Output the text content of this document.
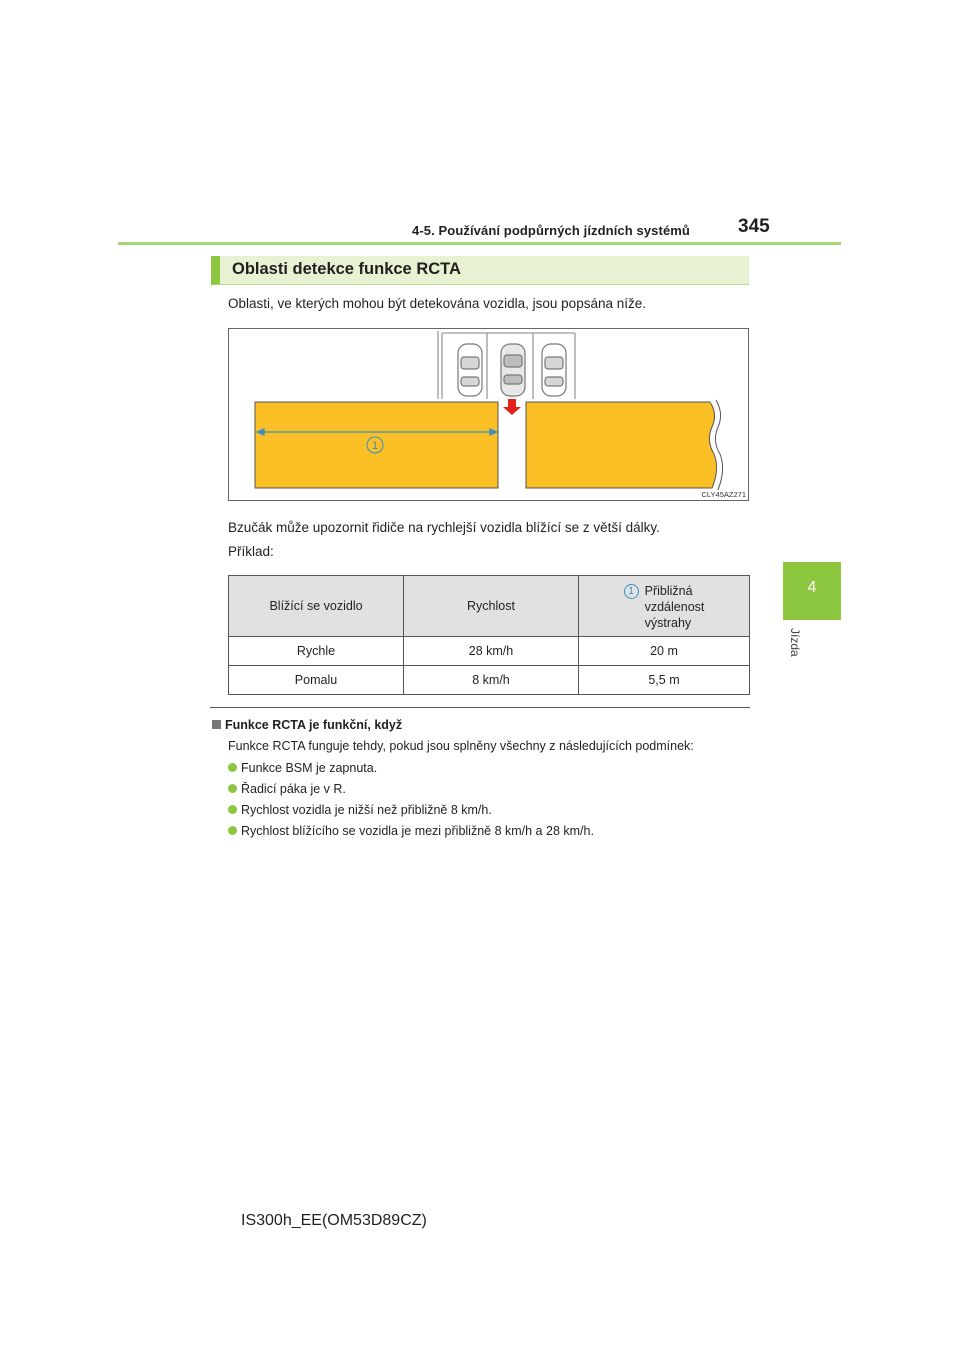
4-5. Používání podpůrných jízdních systémů	345
4
Jízda
Oblasti detekce funkce RCTA
Oblasti, ve kterých mohou být detekována vozidla, jsou popsána níže.
1
CLY45AZ271
Bzučák může upozornit řidiče na rychlejší vozidla blížící se z větší dálky.
Příklad:
Blížící se vozidlo	Rychlost	1 Přibližná
vzdálenost
výstrahy

Rychle	28 km/h	20 m
Pomalu	8 km/h	5,5 m
Funkce RCTA je funkční, když
Funkce RCTA funguje tehdy, pokud jsou splněny všechny z následujících podmínek:
Funkce BSM je zapnuta.
Řadicí páka je v R.
Rychlost vozidla je nižší než přibližně 8 km/h.
Rychlost blížícího se vozidla je mezi přibližně 8 km/h a 28 km/h.
IS300h_EE(OM53D89CZ)
